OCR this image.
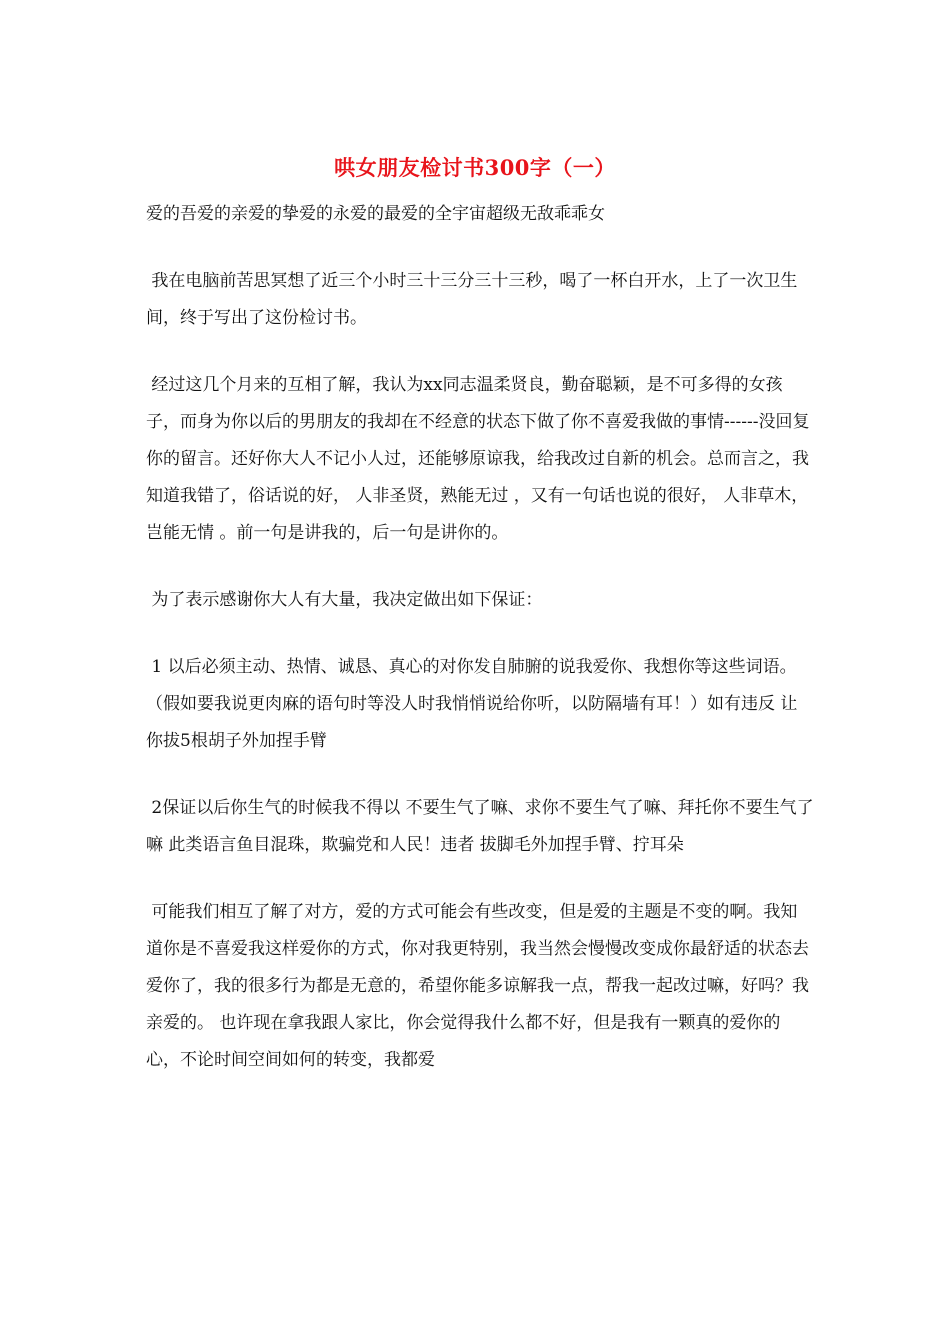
哄女朋友检讨书300字（一）

爱的吾爱的亲爱的挚爱的永爱的最爱的全宇宙超级无敌乖乖女

我在电脑前苦思冥想了近三个小时三十三分三十三秒，喝了一杯白开水，上了一次卫生间，终于写出了这份检讨书。

经过这几个月来的互相了解，我认为xx同志温柔贤良，勤奋聪颖，是不可多得的女孩子，而身为你以后的男朋友的我却在不经意的状态下做了你不喜爱我做的事情------没回复你的留言。还好你大人不记小人过，还能够原谅我，给我改过自新的机会。总而言之，我知道我错了，俗话说的好， 人非圣贤，熟能无过 ，又有一句话也说的很好， 人非草木，岂能无情 。前一句是讲我的，后一句是讲你的。

为了表示感谢你大人有大量，我决定做出如下保证：

1 以后必须主动、热情、诚恳、真心的对你发自肺腑的说我爱你、我想你等这些词语。（假如要我说更肉麻的语句时等没人时我悄悄说给你听，以防隔墙有耳！）如有违反 让你拔5根胡子外加捏手臂

2保证以后你生气的时候我不得以 不要生气了嘛、求你不要生气了嘛、拜托你不要生气了嘛 此类语言鱼目混珠，欺骗党和人民！违者 拔脚毛外加捏手臂、拧耳朵

可能我们相互了解了对方，爱的方式可能会有些改变，但是爱的主题是不变的啊。我知道你是不喜爱我这样爱你的方式，你对我更特别，我当然会慢慢改变成你最舒适的状态去爱你了，我的很多行为都是无意的，希望你能多谅解我一点，帮我一起改过嘛，好吗？我亲爱的。 也许现在拿我跟人家比，你会觉得我什么都不好，但是我有一颗真的爱你的心，不论时间空间如何的转变，我都爱
